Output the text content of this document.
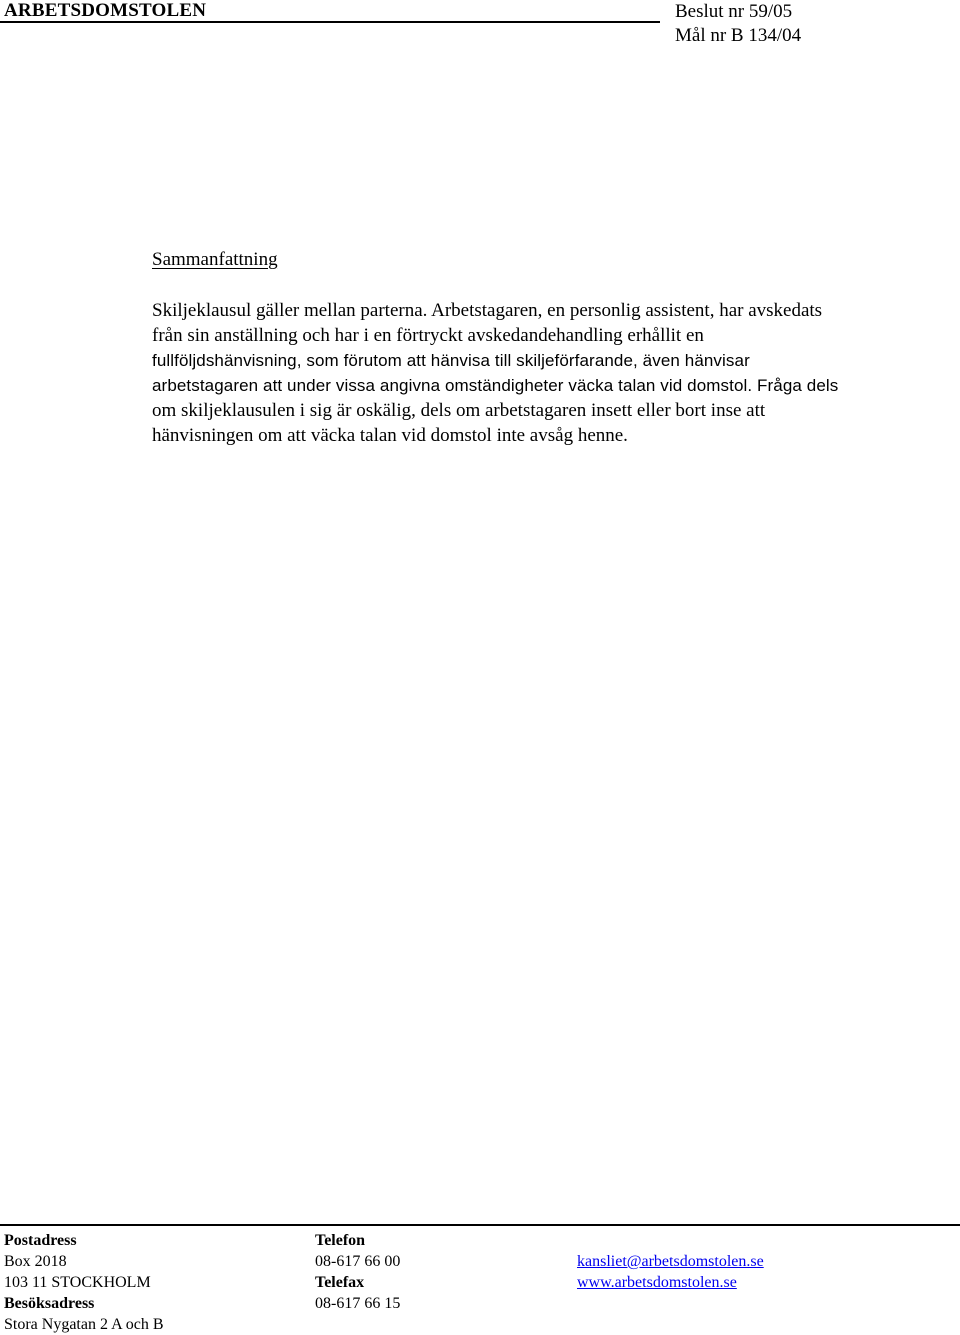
ARBETSDOMSTOLEN	Beslut nr 59/05
Mål nr B 134/04
Sammanfattning

Skiljeklausul gäller mellan parterna. Arbetstagaren, en personlig assistent, har avskedats
från sin anställning och har i en förtryckt avskedandehandling erhållit en
fullföljdshänvisning, som förutom att hänvisa till skiljeförfarande, även hänvisar
arbetstagaren att under vissa angivna omständigheter väcka talan vid domstol. Fråga dels
om skiljeklausulen i sig är oskälig, dels om arbetstagaren insett eller bort inse att
hänvisningen om att väcka talan vid domstol inte avsåg henne.

Postadress
Box 2018
103 11 STOCKHOLM
Besöksadress
Stora Nygatan 2 A och B
Telefon
08-617 66 00
Telefax
08-617 66 15
kansliet@arbetsdomstolen.se
www.arbetsdomstolen.se
